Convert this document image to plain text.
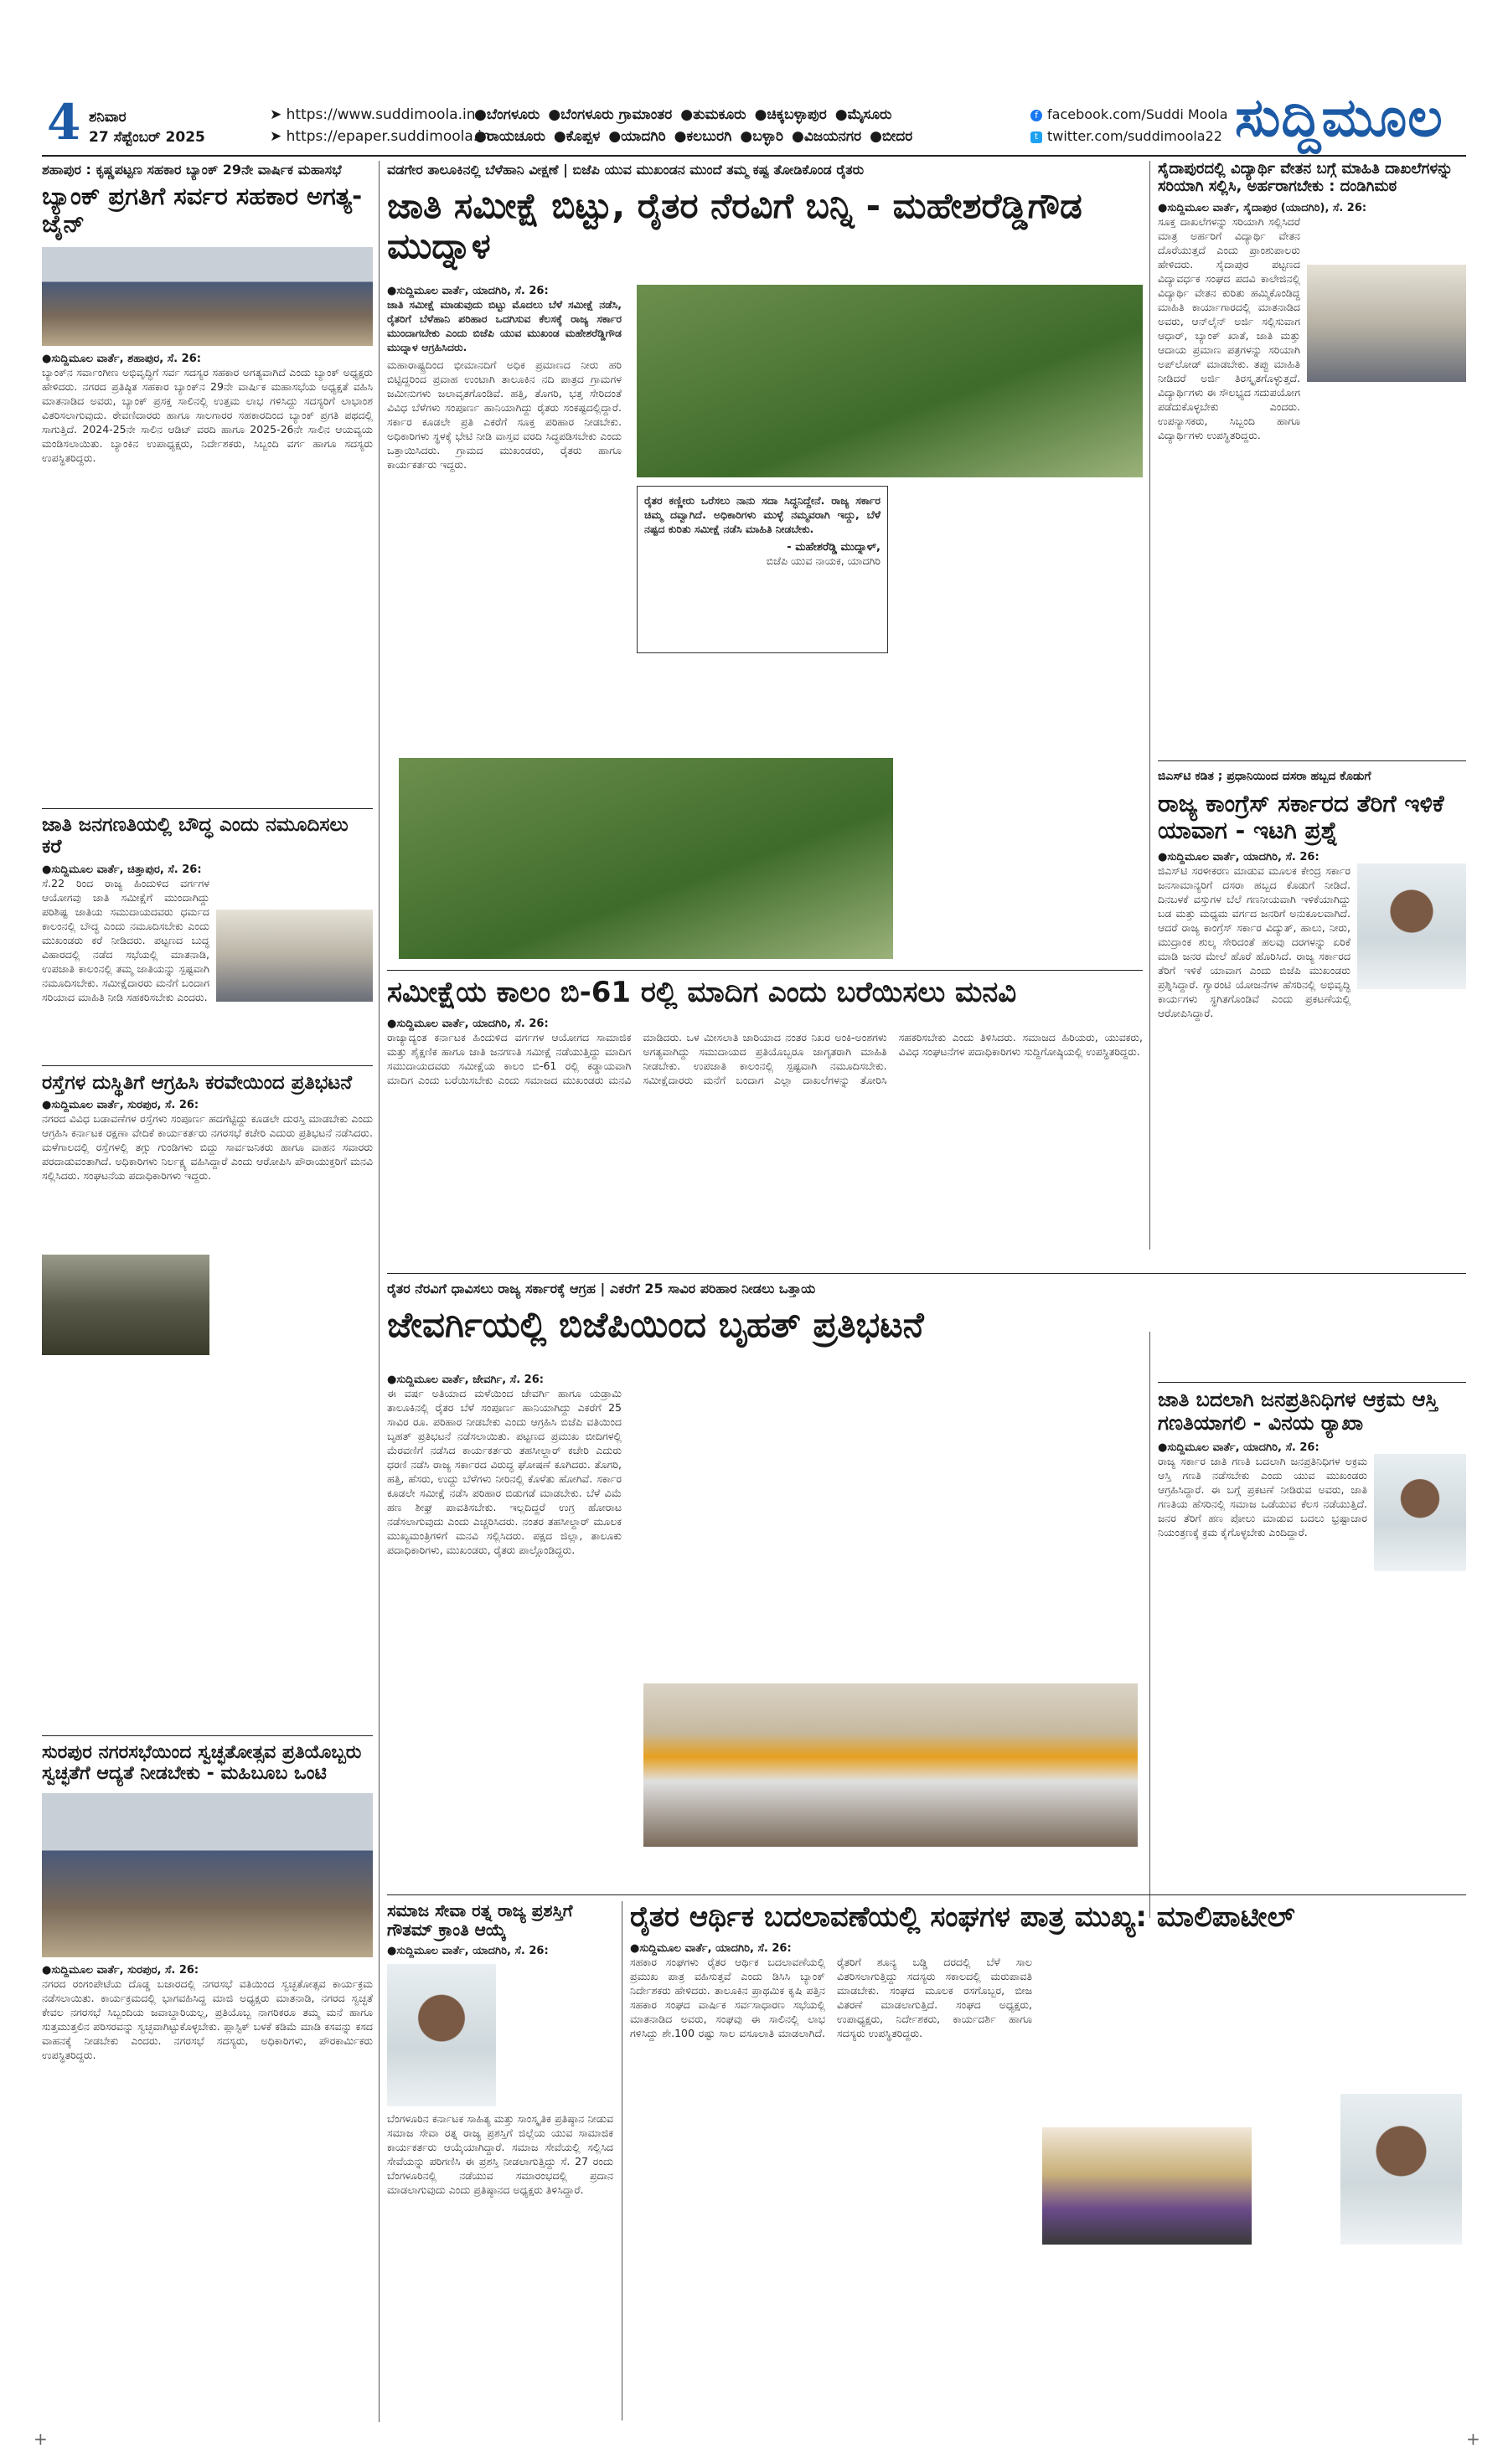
4 ಶನಿವಾರ
27 ಸೆಪ್ಟೆಂಬರ್ 2025
➤ https://www.suddimoola.in
➤ https://epaper.suddimoola.in
●ಬೆಂಗಳೂರು ●ಬೆಂಗಳೂರು ಗ್ರಾಮಾಂತರ ●ತುಮಕೂರು ●ಚಿಕ್ಕಬಳ್ಳಾಪುರ ●ಮೈಸೂರು
●ರಾಯಚೂರು ●ಕೊಪ್ಪಳ ●ಯಾದಗಿರಿ ●ಕಲಬುರಗಿ ●ಬಳ್ಳಾರಿ ●ವಿಜಯನಗರ ●ಬೀದರ
f facebook.com/Suddi Moola
t twitter.com/suddimoola22 ಸುದ್ದಿಮೂಲ
ಶಹಾಪುರ : ಕೃಷ್ಣಪಟ್ಟಣ ಸಹಕಾರ ಬ್ಯಾಂಕ್ 29ನೇ ವಾರ್ಷಿಕ ಮಹಾಸಭೆ
ಬ್ಯಾಂಕ್ ಪ್ರಗತಿಗೆ ಸರ್ವರ ಸಹಕಾರ ಅಗತ್ಯ-ಜೈನ್
●ಸುದ್ದಿಮೂಲ ವಾರ್ತೆ, ಶಹಾಪುರ, ಸೆ. 26:
ಬ್ಯಾಂಕ್‌ನ ಸರ್ವಾಂಗೀಣ ಅಭಿವೃದ್ಧಿಗೆ ಸರ್ವ ಸದಸ್ಯರ ಸಹಕಾರ ಅಗತ್ಯವಾಗಿದೆ ಎಂದು ಬ್ಯಾಂಕ್ ಅಧ್ಯಕ್ಷರು ಹೇಳಿದರು. ನಗರದ ಪ್ರತಿಷ್ಠಿತ ಸಹಕಾರ ಬ್ಯಾಂಕ್‌ನ 29ನೇ ವಾರ್ಷಿಕ ಮಹಾಸಭೆಯ ಅಧ್ಯಕ್ಷತೆ ವಹಿಸಿ ಮಾತನಾಡಿದ ಅವರು, ಬ್ಯಾಂಕ್ ಪ್ರಸಕ್ತ ಸಾಲಿನಲ್ಲಿ ಉತ್ತಮ ಲಾಭ ಗಳಿಸಿದ್ದು ಸದಸ್ಯರಿಗೆ ಲಾಭಾಂಶ ವಿತರಿಸಲಾಗುವುದು. ಠೇವಣಿದಾರರು ಹಾಗೂ ಸಾಲಗಾರರ ಸಹಕಾರದಿಂದ ಬ್ಯಾಂಕ್ ಪ್ರಗತಿ ಪಥದಲ್ಲಿ ಸಾಗುತ್ತಿದೆ. 2024-25ನೇ ಸಾಲಿನ ಆಡಿಟ್ ವರದಿ ಹಾಗೂ 2025-26ನೇ ಸಾಲಿನ ಆಯವ್ಯಯ ಮಂಡಿಸಲಾಯಿತು. ಬ್ಯಾಂಕಿನ ಉಪಾಧ್ಯಕ್ಷರು, ನಿರ್ದೇಶಕರು, ಸಿಬ್ಬಂದಿ ವರ್ಗ ಹಾಗೂ ಸದಸ್ಯರು ಉಪಸ್ಥಿತರಿದ್ದರು.
ಜಾತಿ ಜನಗಣತಿಯಲ್ಲಿ ಬೌದ್ಧ ಎಂದು ನಮೂದಿಸಲು ಕರೆ
●ಸುದ್ದಿಮೂಲ ವಾರ್ತೆ, ಚಿತ್ತಾಪುರ, ಸೆ. 26:
ಸೆ.22 ರಿಂದ ರಾಜ್ಯ ಹಿಂದುಳಿದ ವರ್ಗಗಳ ಆಯೋಗವು ಜಾತಿ ಸಮೀಕ್ಷೆಗೆ ಮುಂದಾಗಿದ್ದು ಪರಿಶಿಷ್ಟ ಜಾತಿಯ ಸಮುದಾಯದವರು ಧರ್ಮದ ಕಾಲಂನಲ್ಲಿ ಬೌದ್ಧ ಎಂದು ನಮೂದಿಸಬೇಕು ಎಂದು ಮುಖಂಡರು ಕರೆ ನೀಡಿದರು. ಪಟ್ಟಣದ ಬುದ್ಧ ವಿಹಾರದಲ್ಲಿ ನಡೆದ ಸಭೆಯಲ್ಲಿ ಮಾತನಾಡಿ, ಉಪಜಾತಿ ಕಾಲಂನಲ್ಲಿ ತಮ್ಮ ಜಾತಿಯನ್ನು ಸ್ಪಷ್ಟವಾಗಿ ನಮೂದಿಸಬೇಕು. ಸಮೀಕ್ಷೆದಾರರು ಮನೆಗೆ ಬಂದಾಗ ಸರಿಯಾದ ಮಾಹಿತಿ ನೀಡಿ ಸಹಕರಿಸಬೇಕು ಎಂದರು.
ರಸ್ತೆಗಳ ದುಸ್ಥಿತಿಗೆ ಆಗ್ರಹಿಸಿ ಕರವೇಯಿಂದ ಪ್ರತಿಭಟನೆ
●ಸುದ್ದಿಮೂಲ ವಾರ್ತೆ, ಸುರಪುರ, ಸೆ. 26:
ನಗರದ ವಿವಿಧ ಬಡಾವಣೆಗಳ ರಸ್ತೆಗಳು ಸಂಪೂರ್ಣ ಹದಗೆಟ್ಟಿದ್ದು ಕೂಡಲೇ ದುರಸ್ತಿ ಮಾಡಬೇಕು ಎಂದು ಆಗ್ರಹಿಸಿ ಕರ್ನಾಟಕ ರಕ್ಷಣಾ ವೇದಿಕೆ ಕಾರ್ಯಕರ್ತರು ನಗರಸಭೆ ಕಚೇರಿ ಎದುರು ಪ್ರತಿಭಟನೆ ನಡೆಸಿದರು. ಮಳೆಗಾಲದಲ್ಲಿ ರಸ್ತೆಗಳಲ್ಲಿ ತಗ್ಗು ಗುಂಡಿಗಳು ಬಿದ್ದು ಸಾರ್ವಜನಿಕರು ಹಾಗೂ ವಾಹನ ಸವಾರರು ಪರದಾಡುವಂತಾಗಿದೆ. ಅಧಿಕಾರಿಗಳು ನಿರ್ಲಕ್ಷ್ಯ ವಹಿಸಿದ್ದಾರೆ ಎಂದು ಆರೋಪಿಸಿ ಪೌರಾಯುಕ್ತರಿಗೆ ಮನವಿ ಸಲ್ಲಿಸಿದರು. ಸಂಘಟನೆಯ ಪದಾಧಿಕಾರಿಗಳು ಇದ್ದರು.
ಸುರಪುರ ನಗರಸಭೆಯಿಂದ ಸ್ವಚ್ಛತೋತ್ಸವ ಪ್ರತಿಯೊಬ್ಬರು ಸ್ವಚ್ಛತೆಗೆ ಆದ್ಯತೆ ನೀಡಬೇಕು - ಮಹಿಬೂಬ ಒಂಟಿ
●ಸುದ್ದಿಮೂಲ ವಾರ್ತೆ, ಸುರಪುರ, ಸೆ. 26:
ನಗರದ ರಂಗಂಪೇಟೆಯ ದೊಡ್ಡ ಬಜಾರದಲ್ಲಿ ನಗರಸಭೆ ವತಿಯಿಂದ ಸ್ವಚ್ಛತೋತ್ಸವ ಕಾರ್ಯಕ್ರಮ ನಡೆಸಲಾಯಿತು. ಕಾರ್ಯಕ್ರಮದಲ್ಲಿ ಭಾಗವಹಿಸಿದ್ದ ಮಾಜಿ ಅಧ್ಯಕ್ಷರು ಮಾತನಾಡಿ, ನಗರದ ಸ್ವಚ್ಛತೆ ಕೇವಲ ನಗರಸಭೆ ಸಿಬ್ಬಂದಿಯ ಜವಾಬ್ದಾರಿಯಲ್ಲ, ಪ್ರತಿಯೊಬ್ಬ ನಾಗರಿಕರೂ ತಮ್ಮ ಮನೆ ಹಾಗೂ ಸುತ್ತಮುತ್ತಲಿನ ಪರಿಸರವನ್ನು ಸ್ವಚ್ಛವಾಗಿಟ್ಟುಕೊಳ್ಳಬೇಕು. ಪ್ಲಾಸ್ಟಿಕ್ ಬಳಕೆ ಕಡಿಮೆ ಮಾಡಿ ಕಸವನ್ನು ಕಸದ ವಾಹನಕ್ಕೆ ನೀಡಬೇಕು ಎಂದರು. ನಗರಸಭೆ ಸದಸ್ಯರು, ಅಧಿಕಾರಿಗಳು, ಪೌರಕಾರ್ಮಿಕರು ಉಪಸ್ಥಿತರಿದ್ದರು.
ವಡಗೇರ ತಾಲೂಕಿನಲ್ಲಿ ಬೆಳೆಹಾನಿ ವೀಕ್ಷಣೆ | ಬಿಜೆಪಿ ಯುವ ಮುಖಂಡನ ಮುಂದೆ ತಮ್ಮ ಕಷ್ಟ ತೋಡಿಕೊಂಡ ರೈತರು
ಜಾತಿ ಸಮೀಕ್ಷೆ ಬಿಟ್ಟು, ರೈತರ ನೆರವಿಗೆ ಬನ್ನಿ - ಮಹೇಶರೆಡ್ಡಿಗೌಡ ಮುದ್ನಾಳ
●ಸುದ್ದಿಮೂಲ ವಾರ್ತೆ, ಯಾದಗಿರಿ, ಸೆ. 26:
ಜಾತಿ ಸಮೀಕ್ಷೆ ಮಾಡುವುದು ಬಿಟ್ಟು ಮೊದಲು ಬೆಳೆ ಸಮೀಕ್ಷೆ ನಡೆಸಿ, ರೈತರಿಗೆ ಬೆಳೆಹಾನಿ ಪರಿಹಾರ ಒದಗಿಸುವ ಕೆಲಸಕ್ಕೆ ರಾಜ್ಯ ಸರ್ಕಾರ ಮುಂದಾಗಬೇಕು ಎಂದು ಬಿಜೆಪಿ ಯುವ ಮುಖಂಡ ಮಹೇಶರೆಡ್ಡಿಗೌಡ ಮುದ್ನಾಳ ಆಗ್ರಹಿಸಿದರು.
ಮಹಾರಾಷ್ಟ್ರದಿಂದ ಭೀಮಾನದಿಗೆ ಅಧಿಕ ಪ್ರಮಾಣದ ನೀರು ಹರಿ ಬಿಟ್ಟಿದ್ದರಿಂದ ಪ್ರವಾಹ ಉಂಟಾಗಿ ತಾಲೂಕಿನ ನದಿ ಪಾತ್ರದ ಗ್ರಾಮಗಳ ಜಮೀನುಗಳು ಜಲಾವೃತಗೊಂಡಿವೆ. ಹತ್ತಿ, ತೊಗರಿ, ಭತ್ತ ಸೇರಿದಂತೆ ವಿವಿಧ ಬೆಳೆಗಳು ಸಂಪೂರ್ಣ ಹಾನಿಯಾಗಿದ್ದು ರೈತರು ಸಂಕಷ್ಟದಲ್ಲಿದ್ದಾರೆ. ಸರ್ಕಾರ ಕೂಡಲೇ ಪ್ರತಿ ಎಕರೆಗೆ ಸೂಕ್ತ ಪರಿಹಾರ ನೀಡಬೇಕು. ಅಧಿಕಾರಿಗಳು ಸ್ಥಳಕ್ಕೆ ಭೇಟಿ ನೀಡಿ ವಾಸ್ತವ ವರದಿ ಸಿದ್ಧಪಡಿಸಬೇಕು ಎಂದು ಒತ್ತಾಯಿಸಿದರು. ಗ್ರಾಮದ ಮುಖಂಡರು, ರೈತರು ಹಾಗೂ ಕಾರ್ಯಕರ್ತರು ಇದ್ದರು.
ರೈತರ ಕಣ್ಣೀರು ಒರೆಸಲು ನಾನು ಸದಾ ಸಿದ್ಧನಿದ್ದೇನೆ. ರಾಜ್ಯ ಸರ್ಕಾರ ಚಿಮ್ಮ ದವ್ವಾಗಿದೆ. ಅಧಿಕಾರಿಗಳು ಮುಳ್ಳೆ ನಮ್ಮವರಾಗಿ ಇದ್ದು, ಬೆಳೆ ನಷ್ಟದ ಕುರಿತು ಸಮೀಕ್ಷೆ ನಡೆಸಿ ಮಾಹಿತಿ ನೀಡಬೇಕು.
- ಮಹೇಶರೆಡ್ಡಿ ಮುದ್ನಾಳ್,
ಬಿಜೆಪಿ ಯುವ ನಾಯಕ, ಯಾದಗಿರಿ
ಸಮೀಕ್ಷೆಯ ಕಾಲಂ ಬಿ-61 ರಲ್ಲಿ ಮಾದಿಗ ಎಂದು ಬರೆಯಿಸಲು ಮನವಿ
●ಸುದ್ದಿಮೂಲ ವಾರ್ತೆ, ಯಾದಗಿರಿ, ಸೆ. 26:
ರಾಜ್ಯಾದ್ಯಂತ ಕರ್ನಾಟಕ ಹಿಂದುಳಿದ ವರ್ಗಗಳ ಆಯೋಗದ ಸಾಮಾಜಿಕ ಮತ್ತು ಶೈಕ್ಷಣಿಕ ಹಾಗೂ ಜಾತಿ ಜನಗಣತಿ ಸಮೀಕ್ಷೆ ನಡೆಯುತ್ತಿದ್ದು ಮಾದಿಗ ಸಮುದಾಯದವರು ಸಮೀಕ್ಷೆಯ ಕಾಲಂ ಬಿ-61 ರಲ್ಲಿ ಕಡ್ಡಾಯವಾಗಿ ಮಾದಿಗ ಎಂದು ಬರೆಯಿಸಬೇಕು ಎಂದು ಸಮಾಜದ ಮುಖಂಡರು ಮನವಿ ಮಾಡಿದರು. ಒಳ ಮೀಸಲಾತಿ ಜಾರಿಯಾದ ನಂತರ ನಿಖರ ಅಂಕಿ-ಅಂಶಗಳು ಅಗತ್ಯವಾಗಿದ್ದು ಸಮುದಾಯದ ಪ್ರತಿಯೊಬ್ಬರೂ ಜಾಗೃತರಾಗಿ ಮಾಹಿತಿ ನೀಡಬೇಕು. ಉಪಜಾತಿ ಕಾಲಂನಲ್ಲಿ ಸ್ಪಷ್ಟವಾಗಿ ನಮೂದಿಸಬೇಕು. ಸಮೀಕ್ಷೆದಾರರು ಮನೆಗೆ ಬಂದಾಗ ಎಲ್ಲಾ ದಾಖಲೆಗಳನ್ನು ತೋರಿಸಿ ಸಹಕರಿಸಬೇಕು ಎಂದು ತಿಳಿಸಿದರು. ಸಮಾಜದ ಹಿರಿಯರು, ಯುವಕರು, ವಿವಿಧ ಸಂಘಟನೆಗಳ ಪದಾಧಿಕಾರಿಗಳು ಸುದ್ದಿಗೋಷ್ಠಿಯಲ್ಲಿ ಉಪಸ್ಥಿತರಿದ್ದರು.
ರೈತರ ನೆರವಿಗೆ ಧಾವಿಸಲು ರಾಜ್ಯ ಸರ್ಕಾರಕ್ಕೆ ಆಗ್ರಹ | ಎಕರೆಗೆ 25 ಸಾವಿರ ಪರಿಹಾರ ನೀಡಲು ಒತ್ತಾಯ
ಜೇವರ್ಗಿಯಲ್ಲಿ ಬಿಜೆಪಿಯಿಂದ ಬೃಹತ್ ಪ್ರತಿಭಟನೆ
●ಸುದ್ದಿಮೂಲ ವಾರ್ತೆ, ಜೇವರ್ಗಿ, ಸೆ. 26:
ಈ ವರ್ಷ ಅತಿಯಾದ ಮಳೆಯಿಂದ ಜೇವರ್ಗಿ ಹಾಗೂ ಯಡ್ರಾಮಿ ತಾಲೂಕಿನಲ್ಲಿ ರೈತರ ಬೆಳೆ ಸಂಪೂರ್ಣ ಹಾನಿಯಾಗಿದ್ದು ಎಕರೆಗೆ 25 ಸಾವಿರ ರೂ. ಪರಿಹಾರ ನೀಡಬೇಕು ಎಂದು ಆಗ್ರಹಿಸಿ ಬಿಜೆಪಿ ವತಿಯಿಂದ ಬೃಹತ್ ಪ್ರತಿಭಟನೆ ನಡೆಸಲಾಯಿತು. ಪಟ್ಟಣದ ಪ್ರಮುಖ ಬೀದಿಗಳಲ್ಲಿ ಮೆರವಣಿಗೆ ನಡೆಸಿದ ಕಾರ್ಯಕರ್ತರು ತಹಸೀಲ್ದಾರ್ ಕಚೇರಿ ಎದುರು ಧರಣಿ ನಡೆಸಿ ರಾಜ್ಯ ಸರ್ಕಾರದ ವಿರುದ್ಧ ಘೋಷಣೆ ಕೂಗಿದರು. ತೊಗರಿ, ಹತ್ತಿ, ಹೆಸರು, ಉದ್ದು ಬೆಳೆಗಳು ನೀರಿನಲ್ಲಿ ಕೊಳೆತು ಹೋಗಿವೆ. ಸರ್ಕಾರ ಕೂಡಲೇ ಸಮೀಕ್ಷೆ ನಡೆಸಿ ಪರಿಹಾರ ಬಿಡುಗಡೆ ಮಾಡಬೇಕು. ಬೆಳೆ ವಿಮೆ ಹಣ ಶೀಘ್ರ ಪಾವತಿಸಬೇಕು. ಇಲ್ಲದಿದ್ದರೆ ಉಗ್ರ ಹೋರಾಟ ನಡೆಸಲಾಗುವುದು ಎಂದು ಎಚ್ಚರಿಸಿದರು. ನಂತರ ತಹಸೀಲ್ದಾರ್ ಮೂಲಕ ಮುಖ್ಯಮಂತ್ರಿಗಳಿಗೆ ಮನವಿ ಸಲ್ಲಿಸಿದರು. ಪಕ್ಷದ ಜಿಲ್ಲಾ, ತಾಲೂಕು ಪದಾಧಿಕಾರಿಗಳು, ಮುಖಂಡರು, ರೈತರು ಪಾಲ್ಗೊಂಡಿದ್ದರು.
ಸಮಾಜ ಸೇವಾ ರತ್ನ ರಾಜ್ಯ ಪ್ರಶಸ್ತಿಗೆ ಗೌತಮ್ ಕ್ರಾಂತಿ ಆಯ್ಕೆ
●ಸುದ್ದಿಮೂಲ ವಾರ್ತೆ, ಯಾದಗಿರಿ, ಸೆ. 26:
ಬೆಂಗಳೂರಿನ ಕರ್ನಾಟಕ ಸಾಹಿತ್ಯ ಮತ್ತು ಸಾಂಸ್ಕೃತಿಕ ಪ್ರತಿಷ್ಠಾನ ನೀಡುವ ಸಮಾಜ ಸೇವಾ ರತ್ನ ರಾಜ್ಯ ಪ್ರಶಸ್ತಿಗೆ ಜಿಲ್ಲೆಯ ಯುವ ಸಾಮಾಜಿಕ ಕಾರ್ಯಕರ್ತರು ಆಯ್ಕೆಯಾಗಿದ್ದಾರೆ. ಸಮಾಜ ಸೇವೆಯಲ್ಲಿ ಸಲ್ಲಿಸಿದ ಸೇವೆಯನ್ನು ಪರಿಗಣಿಸಿ ಈ ಪ್ರಶಸ್ತಿ ನೀಡಲಾಗುತ್ತಿದ್ದು ಸೆ. 27 ರಂದು ಬೆಂಗಳೂರಿನಲ್ಲಿ ನಡೆಯುವ ಸಮಾರಂಭದಲ್ಲಿ ಪ್ರದಾನ ಮಾಡಲಾಗುವುದು ಎಂದು ಪ್ರತಿಷ್ಠಾನದ ಅಧ್ಯಕ್ಷರು ತಿಳಿಸಿದ್ದಾರೆ.
ರೈತರ ಆರ್ಥಿಕ ಬದಲಾವಣೆಯಲ್ಲಿ ಸಂಘಗಳ ಪಾತ್ರ ಮುಖ್ಯ: ಮಾಲಿಪಾಟೀಲ್
●ಸುದ್ದಿಮೂಲ ವಾರ್ತೆ, ಯಾದಗಿರಿ, ಸೆ. 26:
ಸಹಕಾರ ಸಂಘಗಳು ರೈತರ ಆರ್ಥಿಕ ಬದಲಾವಣೆಯಲ್ಲಿ ಪ್ರಮುಖ ಪಾತ್ರ ವಹಿಸುತ್ತವೆ ಎಂದು ಡಿಸಿಸಿ ಬ್ಯಾಂಕ್ ನಿರ್ದೇಶಕರು ಹೇಳಿದರು. ತಾಲೂಕಿನ ಪ್ರಾಥಮಿಕ ಕೃಷಿ ಪತ್ತಿನ ಸಹಕಾರ ಸಂಘದ ವಾರ್ಷಿಕ ಸರ್ವಸಾಧಾರಣ ಸಭೆಯಲ್ಲಿ ಮಾತನಾಡಿದ ಅವರು, ಸಂಘವು ಈ ಸಾಲಿನಲ್ಲಿ ಲಾಭ ಗಳಿಸಿದ್ದು ಶೇ.100 ರಷ್ಟು ಸಾಲ ವಸೂಲಾತಿ ಮಾಡಲಾಗಿದೆ. ರೈತರಿಗೆ ಶೂನ್ಯ ಬಡ್ಡಿ ದರದಲ್ಲಿ ಬೆಳೆ ಸಾಲ ವಿತರಿಸಲಾಗುತ್ತಿದ್ದು ಸದಸ್ಯರು ಸಕಾಲದಲ್ಲಿ ಮರುಪಾವತಿ ಮಾಡಬೇಕು. ಸಂಘದ ಮೂಲಕ ರಸಗೊಬ್ಬರ, ಬೀಜ ವಿತರಣೆ ಮಾಡಲಾಗುತ್ತಿದೆ. ಸಂಘದ ಅಧ್ಯಕ್ಷರು, ಉಪಾಧ್ಯಕ್ಷರು, ನಿರ್ದೇಶಕರು, ಕಾರ್ಯದರ್ಶಿ ಹಾಗೂ ಸದಸ್ಯರು ಉಪಸ್ಥಿತರಿದ್ದರು.
ಸೈದಾಪುರದಲ್ಲಿ ವಿದ್ಯಾರ್ಥಿ ವೇತನ ಬಗ್ಗೆ ಮಾಹಿತಿ ದಾಖಲೆಗಳನ್ನು ಸರಿಯಾಗಿ ಸಲ್ಲಿಸಿ, ಅರ್ಹರಾಗಬೇಕು : ದಂಡಿಗಿಮಠ
●ಸುದ್ದಿಮೂಲ ವಾರ್ತೆ, ಸೈದಾಪುರ (ಯಾದಗಿರಿ), ಸೆ. 26:
ಸೂಕ್ತ ದಾಖಲೆಗಳನ್ನು ಸರಿಯಾಗಿ ಸಲ್ಲಿಸಿದರೆ ಮಾತ್ರ ಅರ್ಹರಿಗೆ ವಿದ್ಯಾರ್ಥಿ ವೇತನ ದೊರೆಯುತ್ತದೆ ಎಂದು ಪ್ರಾಂಶುಪಾಲರು ಹೇಳಿದರು. ಸೈದಾಪುರ ಪಟ್ಟಣದ ವಿದ್ಯಾವರ್ಧಕ ಸಂಘದ ಪದವಿ ಕಾಲೇಜಿನಲ್ಲಿ ವಿದ್ಯಾರ್ಥಿ ವೇತನ ಕುರಿತು ಹಮ್ಮಿಕೊಂಡಿದ್ದ ಮಾಹಿತಿ ಕಾರ್ಯಾಗಾರದಲ್ಲಿ ಮಾತನಾಡಿದ ಅವರು, ಆನ್‌ಲೈನ್ ಅರ್ಜಿ ಸಲ್ಲಿಸುವಾಗ ಆಧಾರ್, ಬ್ಯಾಂಕ್ ಖಾತೆ, ಜಾತಿ ಮತ್ತು ಆದಾಯ ಪ್ರಮಾಣ ಪತ್ರಗಳನ್ನು ಸರಿಯಾಗಿ ಅಪ್‌ಲೋಡ್ ಮಾಡಬೇಕು. ತಪ್ಪು ಮಾಹಿತಿ ನೀಡಿದರೆ ಅರ್ಜಿ ತಿರಸ್ಕೃತಗೊಳ್ಳುತ್ತದೆ. ವಿದ್ಯಾರ್ಥಿಗಳು ಈ ಸೌಲಭ್ಯದ ಸದುಪಯೋಗ ಪಡೆದುಕೊಳ್ಳಬೇಕು ಎಂದರು. ಉಪನ್ಯಾಸಕರು, ಸಿಬ್ಬಂದಿ ಹಾಗೂ ವಿದ್ಯಾರ್ಥಿಗಳು ಉಪಸ್ಥಿತರಿದ್ದರು.
ಜಿಎಸ್‌ಟಿ ಕಡಿತ ; ಪ್ರಧಾನಿಯಿಂದ ದಸರಾ ಹಬ್ಬದ ಕೊಡುಗೆ
ರಾಜ್ಯ ಕಾಂಗ್ರೆಸ್ ಸರ್ಕಾರದ ತೆರಿಗೆ ಇಳಿಕೆ ಯಾವಾಗ - ಇಟಗಿ ಪ್ರಶ್ನೆ
●ಸುದ್ದಿಮೂಲ ವಾರ್ತೆ, ಯಾದಗಿರಿ, ಸೆ. 26:
ಜಿಎಸ್‌ಟಿ ಸರಳೀಕರಣ ಮಾಡುವ ಮೂಲಕ ಕೇಂದ್ರ ಸರ್ಕಾರ ಜನಸಾಮಾನ್ಯರಿಗೆ ದಸರಾ ಹಬ್ಬದ ಕೊಡುಗೆ ನೀಡಿದೆ. ದಿನಬಳಕೆ ವಸ್ತುಗಳ ಬೆಲೆ ಗಣನೀಯವಾಗಿ ಇಳಿಕೆಯಾಗಿದ್ದು ಬಡ ಮತ್ತು ಮಧ್ಯಮ ವರ್ಗದ ಜನರಿಗೆ ಅನುಕೂಲವಾಗಿದೆ. ಆದರೆ ರಾಜ್ಯ ಕಾಂಗ್ರೆಸ್ ಸರ್ಕಾರ ವಿದ್ಯುತ್, ಹಾಲು, ನೀರು, ಮುದ್ರಾಂಕ ಶುಲ್ಕ ಸೇರಿದಂತೆ ಹಲವು ದರಗಳನ್ನು ಏರಿಕೆ ಮಾಡಿ ಜನರ ಮೇಲೆ ಹೊರೆ ಹೊರಿಸಿದೆ. ರಾಜ್ಯ ಸರ್ಕಾರದ ತೆರಿಗೆ ಇಳಿಕೆ ಯಾವಾಗ ಎಂದು ಬಿಜೆಪಿ ಮುಖಂಡರು ಪ್ರಶ್ನಿಸಿದ್ದಾರೆ. ಗ್ಯಾರಂಟಿ ಯೋಜನೆಗಳ ಹೆಸರಿನಲ್ಲಿ ಅಭಿವೃದ್ಧಿ ಕಾರ್ಯಗಳು ಸ್ಥಗಿತಗೊಂಡಿವೆ ಎಂದು ಪ್ರಕಟಣೆಯಲ್ಲಿ ಆರೋಪಿಸಿದ್ದಾರೆ.
ಜಾತಿ ಬದಲಾಗಿ ಜನಪ್ರತಿನಿಧಿಗಳ ಆಕ್ರಮ ಆಸ್ತಿ ಗಣತಿಯಾಗಲಿ - ವಿನಯ ರ‍್ಯಾಖಾ
●ಸುದ್ದಿಮೂಲ ವಾರ್ತೆ, ಯಾದಗಿರಿ, ಸೆ. 26:
ರಾಜ್ಯ ಸರ್ಕಾರ ಜಾತಿ ಗಣತಿ ಬದಲಾಗಿ ಜನಪ್ರತಿನಿಧಿಗಳ ಅಕ್ರಮ ಆಸ್ತಿ ಗಣತಿ ನಡೆಸಬೇಕು ಎಂದು ಯುವ ಮುಖಂಡರು ಆಗ್ರಹಿಸಿದ್ದಾರೆ. ಈ ಬಗ್ಗೆ ಪ್ರಕಟಣೆ ನೀಡಿರುವ ಅವರು, ಜಾತಿ ಗಣತಿಯ ಹೆಸರಿನಲ್ಲಿ ಸಮಾಜ ಒಡೆಯುವ ಕೆಲಸ ನಡೆಯುತ್ತಿದೆ. ಜನರ ತೆರಿಗೆ ಹಣ ಪೋಲು ಮಾಡುವ ಬದಲು ಭ್ರಷ್ಟಾಚಾರ ನಿಯಂತ್ರಣಕ್ಕೆ ಕ್ರಮ ಕೈಗೊಳ್ಳಬೇಕು ಎಂದಿದ್ದಾರೆ.
+	+
